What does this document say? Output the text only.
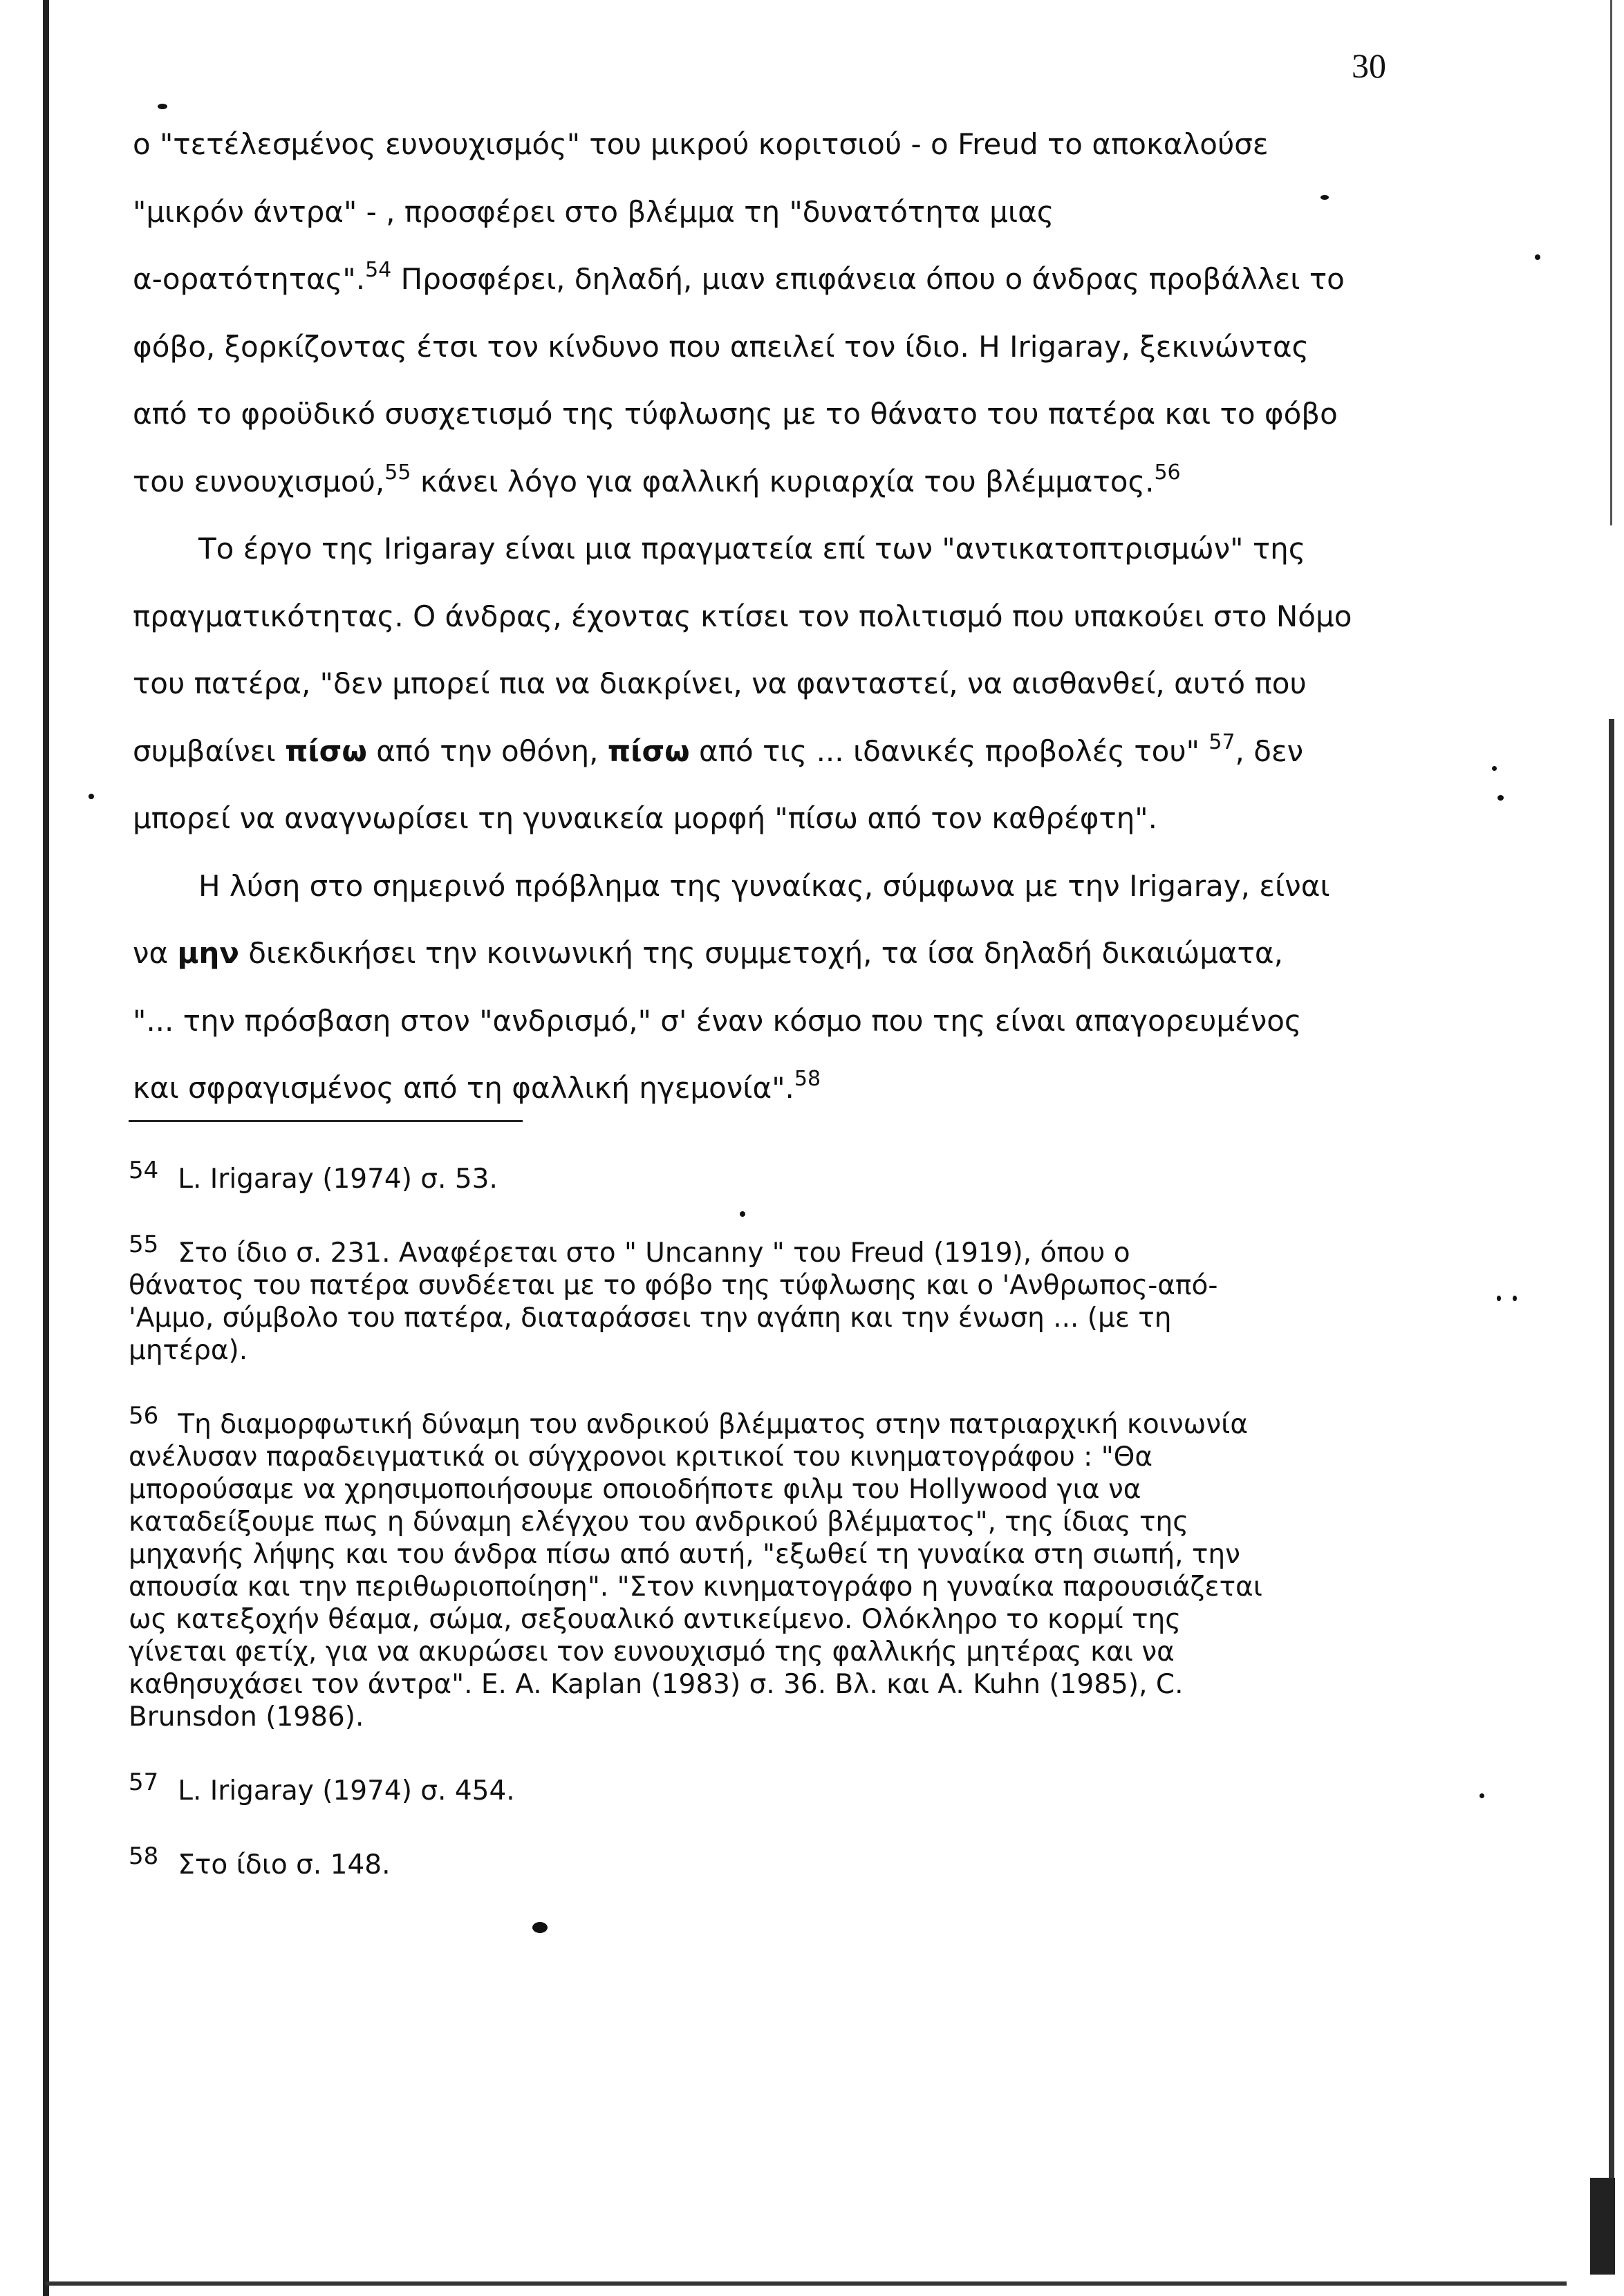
30
ο "τετέλεσμένος ευνουχισμός" του μικρού κοριτσιού - ο Freud το αποκαλούσε
"μικρόν άντρα" - , προσφέρει στο βλέμμα τη "δυνατότητα μιας
α-ορατότητας".$^{54}$ Προσφέρει, δηλαδή, μιαν επιφάνεια όπου ο άνδρας προβάλλει το
φόβο, ξορκίζοντας έτσι τον κίνδυνο που απειλεί τον ίδιο. Η Irigaray, ξεκινώντας
από το φροϋδικό συσχετισμό της τύφλωσης με το θάνατο του πατέρα και το φόβο
του ευνουχισμού,$^{55}$ κάνει λόγο για φαλλική κυριαρχία του βλέμματος.$^{56}$
Το έργο της Irigaray είναι μια πραγματεία επί των "αντικατοπτρισμών" της
πραγματικότητας. Ο άνδρας, έχοντας κτίσει τον πολιτισμό που υπακούει στο Νόμο
του πατέρα, "δεν μπορεί πια να διακρίνει, να φανταστεί, να αισθανθεί, αυτό που
συμβαίνει πίσω από την οθόνη, πίσω από τις ... ιδανικές προβολές του" $^{57}$, δεν
μπορεί να αναγνωρίσει τη γυναικεία μορφή "πίσω από τον καθρέφτη".
Η λύση στο σημερινό πρόβλημα της γυναίκας, σύμφωνα με την Irigaray, είναι
να μην διεκδικήσει την κοινωνική της συμμετοχή, τα ίσα δηλαδή δικαιώματα,
"... την πρόσβαση στον "ανδρισμό," σ' έναν κόσμο που της είναι απαγορευμένος
και σφραγισμένος από τη φαλλική ηγεμονία".$^{58}$
54 L. Irigaray (1974) σ. 53.
55 Στο ίδιο σ. 231. Αναφέρεται στο " Uncanny " του Freud (1919), όπου ο
θάνατος του πατέρα συνδέεται με το φόβο της τύφλωσης και ο 'Ανθρωπος-από-
'Αμμο, σύμβολο του πατέρα, διαταράσσει την αγάπη και την ένωση ... (με τη
μητέρα).
56 Τη διαμορφωτική δύναμη του ανδρικού βλέμματος στην πατριαρχική κοινωνία
ανέλυσαν παραδειγματικά οι σύγχρονοι κριτικοί του κινηματογράφου : "Θα
μπορούσαμε να χρησιμοποιήσουμε οποιοδήποτε φιλμ του Hollywood για να
καταδείξουμε πως η δύναμη ελέγχου του ανδρικού βλέμματος", της ίδιας της
μηχανής λήψης και του άνδρα πίσω από αυτή, "εξωθεί τη γυναίκα στη σιωπή, την
απουσία και την περιθωριοποίηση". "Στον κινηματογράφο η γυναίκα παρουσιάζεται
ως κατεξοχήν θέαμα, σώμα, σεξουαλικό αντικείμενο. Ολόκληρο το κορμί της
γίνεται φετίχ, για να ακυρώσει τον ευνουχισμό της φαλλικής μητέρας και να
καθησυχάσει τον άντρα". E. A. Kaplan (1983) σ. 36. Βλ. και A. Kuhn (1985), C.
Brunsdon (1986).
57 L. Irigaray (1974) σ. 454.
58 Στο ίδιο σ. 148.
